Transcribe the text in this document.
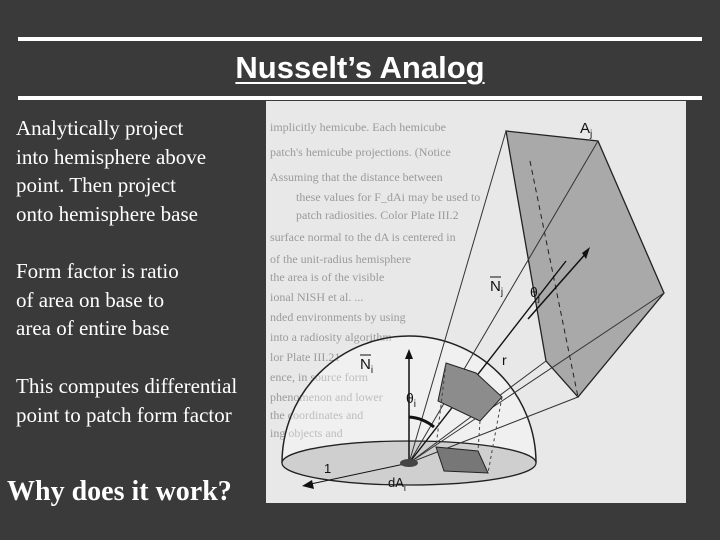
Nusselt’s Analog
Analytically project
into hemisphere above
point. Then project
onto hemisphere base
Form factor is ratio
of area on base to
area of entire base
This computes differential
point to patch form factor
implicitly hemicube. Each hemicube
patch's hemicube projections. (Notice
Assuming that the distance between
these values for F_dAi may be used to
patch radiosities. Color Plate III.2
surface normal to the dA is centered in
of the unit-radius hemisphere
the area is of the visible
ional NISH et al. ...
nded environments by using
into a radiosity algorithm
lor Plate III.21
ence, in source form
phenomenon and lower
the coordinates and
ing objects and
$A_j$
$N_j$ $\theta_j$
r
$N_i$
$\theta_i$
1
$dA_i$
Why does it work?
